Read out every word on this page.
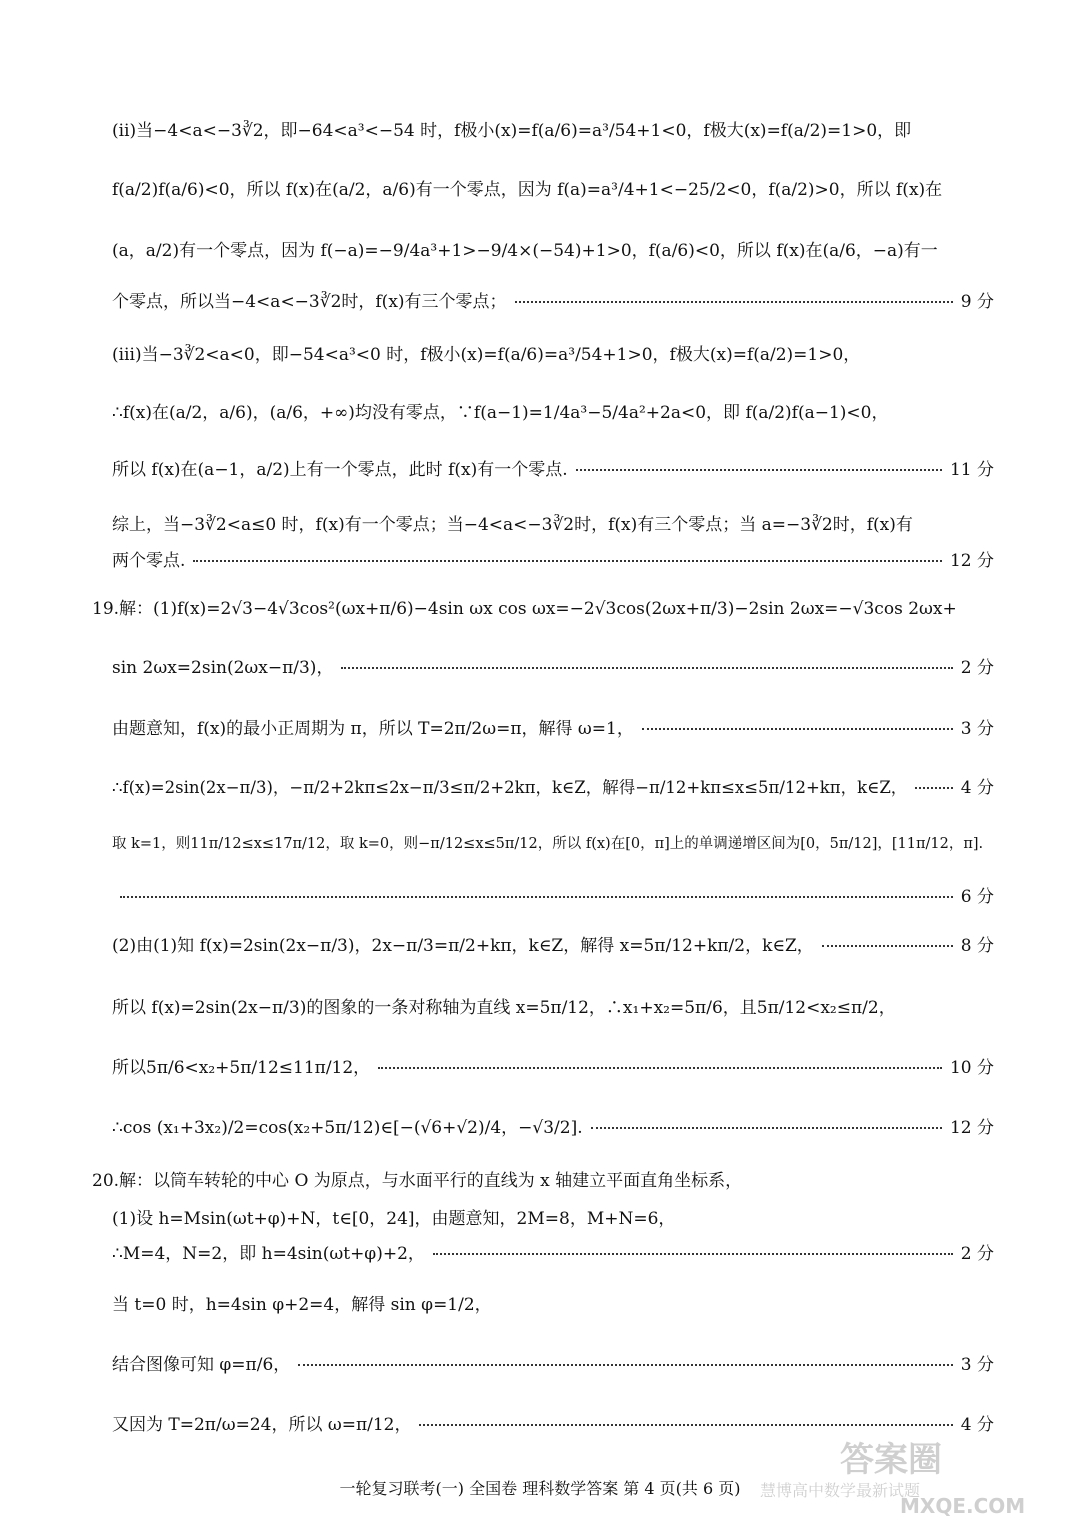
(ⅱ)当−4<a<−3∛2，即−64<a³<−54 时，f极小(x)=f(a/6)=a³/54+1<0，f极大(x)=f(a/2)=1>0，即
f(a/2)f(a/6)<0，所以 f(x)在(a/2，a/6)有一个零点，因为 f(a)=a³/4+1<−25/2<0，f(a/2)>0，所以 f(x)在
(a，a/2)有一个零点，因为 f(−a)=−9/4a³+1>−9/4×(−54)+1>0，f(a/6)<0，所以 f(x)在(a/6，−a)有一
个零点，所以当−4<a<−3∛2时，f(x)有三个零点；	9 分
(ⅲ)当−3∛2<a<0，即−54<a³<0 时，f极小(x)=f(a/6)=a³/54+1>0，f极大(x)=f(a/2)=1>0，
∴f(x)在(a/2，a/6)，(a/6，+∞)均没有零点，∵f(a−1)=1/4a³−5/4a²+2a<0，即 f(a/2)f(a−1)<0，
所以 f(x)在(a−1，a/2)上有一个零点，此时 f(x)有一个零点.	11 分
综上，当−3∛2<a≤0 时，f(x)有一个零点；当−4<a<−3∛2时，f(x)有三个零点；当 a=−3∛2时，f(x)有
两个零点.	12 分
19.解：(1)f(x)=2√3−4√3cos²(ωx+π/6)−4sin ωx cos ωx=−2√3cos(2ωx+π/3)−2sin 2ωx=−√3cos 2ωx+
sin 2ωx=2sin(2ωx−π/3)，	2 分
由题意知，f(x)的最小正周期为 π，所以 T=2π/2ω=π，解得 ω=1，	3 分
∴f(x)=2sin(2x−π/3)，−π/2+2kπ≤2x−π/3≤π/2+2kπ，k∈Z，解得−π/12+kπ≤x≤5π/12+kπ，k∈Z，	4 分
取 k=1，则11π/12≤x≤17π/12，取 k=0，则−π/12≤x≤5π/12，所以 f(x)在[0，π]上的单调递增区间为[0，5π/12]，[11π/12，π].
6 分
(2)由(1)知 f(x)=2sin(2x−π/3)，2x−π/3=π/2+kπ，k∈Z，解得 x=5π/12+kπ/2，k∈Z，	8 分
所以 f(x)=2sin(2x−π/3)的图象的一条对称轴为直线 x=5π/12，∴x₁+x₂=5π/6，且5π/12<x₂≤π/2，
所以5π/6<x₂+5π/12≤11π/12，	10 分
∴cos (x₁+3x₂)/2=cos(x₂+5π/12)∈[−(√6+√2)/4，−√3/2].	12 分
20.解：以筒车转轮的中心 O 为原点，与水面平行的直线为 x 轴建立平面直角坐标系，
(1)设 h=Msin(ωt+φ)+N，t∈[0，24]，由题意知，2M=8，M+N=6，
∴M=4，N=2，即 h=4sin(ωt+φ)+2，	2 分
当 t=0 时，h=4sin φ+2=4，解得 sin φ=1/2，
结合图像可知 φ=π/6，	3 分
又因为 T=2π/ω=24，所以 ω=π/12，	4 分
一轮复习联考(一) 全国卷 理科数学答案 第 4 页(共 6 页)
答案圈
慧博高中数学最新试题
MXQE.COM
